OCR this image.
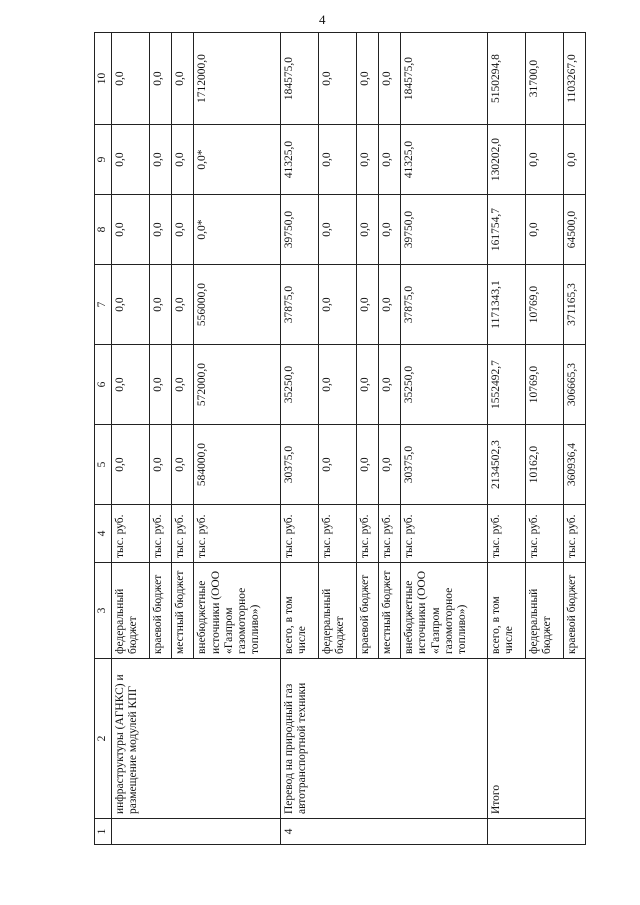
4
1	2	3	4	5	6	7	8	9	10
	инфраструктуры (АГНКС) и размещение модулей КПГ	федеральный бюджет	тыс. руб.	0,0	0,0	0,0	0,0	0,0	0,0
		краевой бюджет	тыс. руб.	0,0	0,0	0,0	0,0	0,0	0,0
		местный бюджет	тыс. руб.	0,0	0,0	0,0	0,0	0,0	0,0
		внебюджетные источники (ООО «Газпром газомоторное топливо»)	тыс. руб.	584000,0	572000,0	556000,0	0,0*	0,0*	1712000,0
4	Перевод на природный газ автотранспортной техники	всего, в том числе	тыс. руб.	30375,0	35250,0	37875,0	39750,0	41325,0	184575,0
		федеральный бюджет	тыс. руб.	0,0	0,0	0,0	0,0	0,0	0,0
		краевой бюджет	тыс. руб.	0,0	0,0	0,0	0,0	0,0	0,0
		местный бюджет	тыс. руб.	0,0	0,0	0,0	0,0	0,0	0,0
		внебюджетные источники (ООО «Газпром газомоторное топливо»)	тыс. руб.	30375,0	35250,0	37875,0	39750,0	41325,0	184575,0
	Итого	всего, в том числе	тыс. руб.	2134502,3	1552492,7	1171343,1	161754,7	130202,0	5150294,8
		федеральный бюджет	тыс. руб.	10162,0	10769,0	10769,0	0,0	0,0	31700,0
		краевой бюджет	тыс. руб.	360936,4	306665,3	371165,3	64500,0	0,0	1103267,0
